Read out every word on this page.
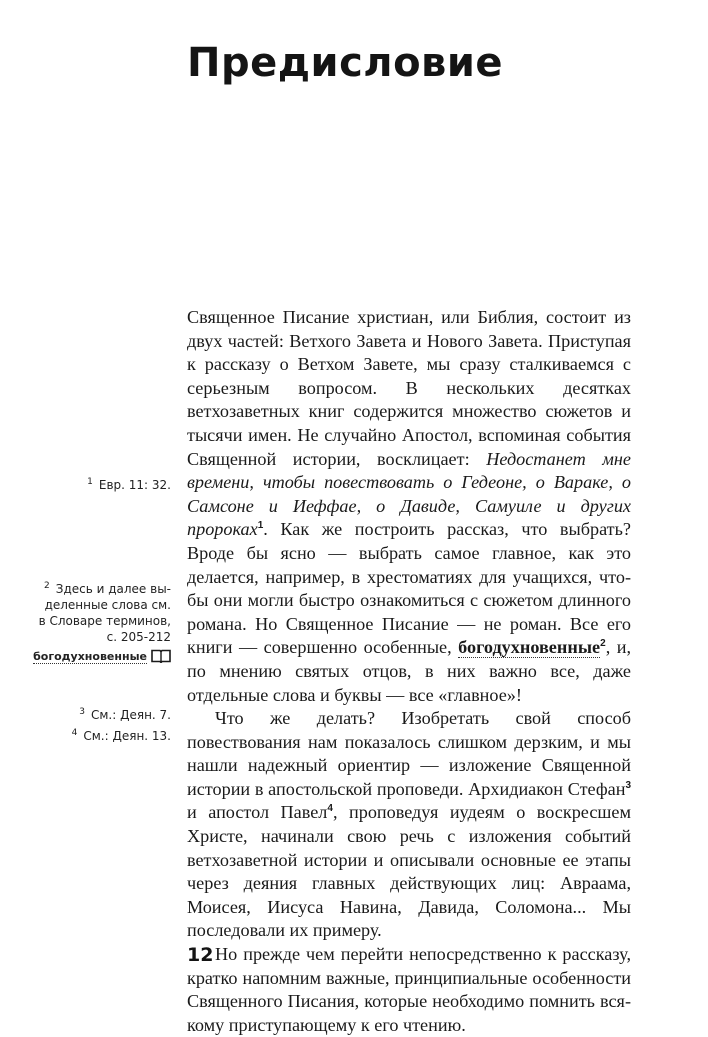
Предисловие

Священное Писание христиан, или Библия, состоит из двух частей: Ветхого Завета и Нового Завета. Приступая к рассказу о Ветхом Завете, мы сразу сталкиваемся с серьезным вопросом. В нескольких десятках ветхозаветных книг содержится множество сюжетов и тысячи имен. Не случайно Апостол, вспоминая события Священной истории, восклицает: Недостанет мне времени, чтобы повествовать о Гедеоне, о Вараке, о Самсоне и Иеффае, о Давиде, Самуиле и других пророках$^1$. Как же построить рассказ, что выбрать? Вроде бы ясно — выбрать самое главное, как это делается, например, в хрестоматиях для учащихся, чтобы они могли быстро ознакомиться с сюжетом длинного романа. Но Священное Писание — не роман. Все его книги — совершенно особенные, богодухновенные$^2$, и, по мнению святых отцов, в них важно все, даже отдельные слова и буквы — все «главное»!

Что же делать? Изобретать свой способ повествования нам показалось слишком дерзким, и мы нашли надежный ориентир — изложение Священной истории в апостольской проповеди. Архидиакон Стефан$^3$ и апостол Павел$^4$, проповедуя иудеям о воскресшем Христе, начинали свою речь с изложения событий ветхозаветной истории и описывали основные ее этапы через деяния главных действующих лиц: Авраама, Моисея, Иисуса Навина, Давида, Соломона... Мы последовали их примеру.

Но прежде чем перейти непосредственно к рассказу, кратко напомним важные, принципиальные особенности Священного Писания, которые необходимо помнить всякому приступающему к его чтению.

$^1$ Евр. 11: 32.
$^2$ Здесь и далее вы-
деленные слова см.
в Словаре терминов,
с. 205-212
богодухновенные
$^3$ См.: Деян. 7.
$^4$ См.: Деян. 13.
12
